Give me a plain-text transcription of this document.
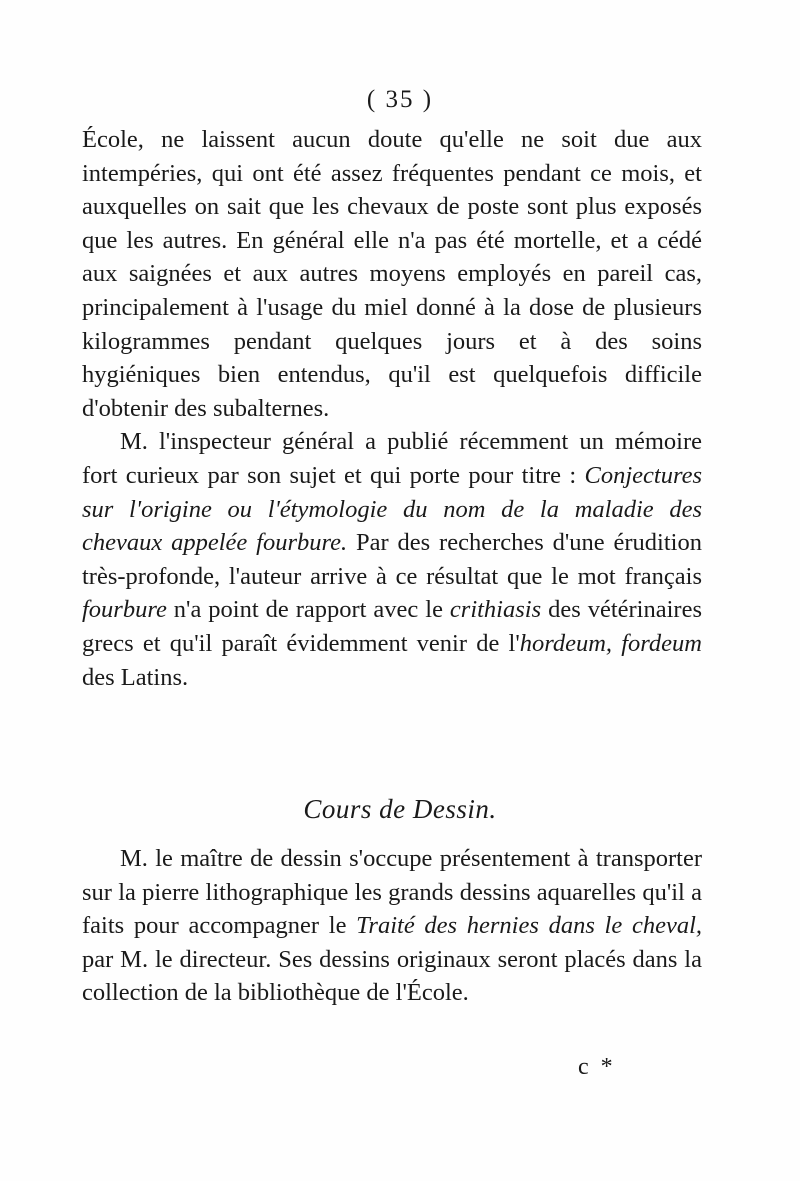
( 35 )

École, ne laissent aucun doute qu'elle ne soit due aux intempéries, qui ont été assez fréquentes pendant ce mois, et auxquelles on sait que les chevaux de poste sont plus exposés que les autres. En général elle n'a pas été mortelle, et a cédé aux saignées et aux autres moyens employés en pareil cas, principalement à l'usage du miel donné à la dose de plusieurs kilogrammes pendant quelques jours et à des soins hygiéniques bien entendus, qu'il est quelquefois difficile d'obtenir des subalternes.

M. l'inspecteur général a publié récemment un mémoire fort curieux par son sujet et qui porte pour titre : Conjectures sur l'origine ou l'étymologie du nom de la maladie des chevaux appelée fourbure. Par des recherches d'une érudition très-profonde, l'auteur arrive à ce résultat que le mot français fourbure n'a point de rapport avec le crithiasis des vétérinaires grecs et qu'il paraît évidemment venir de l'hordeum, fordeum des Latins.

Cours de Dessin.

M. le maître de dessin s'occupe présentement à transporter sur la pierre lithographique les grands dessins aquarelles qu'il a faits pour accompagner le Traité des hernies dans le cheval, par M. le directeur. Ses dessins originaux seront placés dans la collection de la bibliothèque de l'École.

c *
